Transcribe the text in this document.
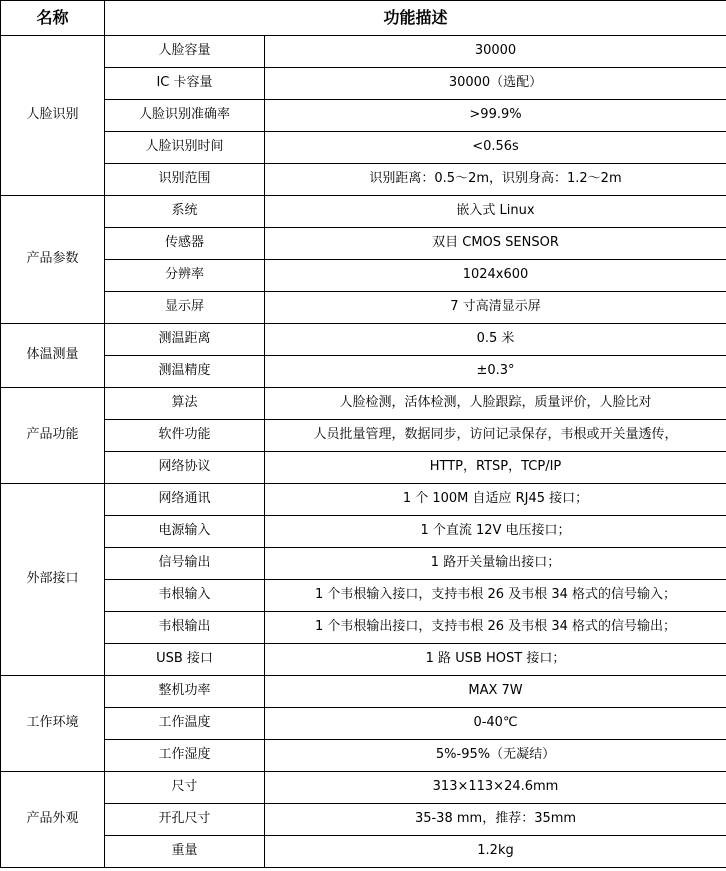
名称	功能描述	
人脸识别	人脸容量	30000
	IC 卡容量	30000（选配）
	人脸识别准确率	>99.9%
	人脸识别时间	<0.56s
	识别范围	识别距离：0.5～2m，识别身高：1.2～2m
产品参数	系统	嵌入式 Linux
	传感器	双目 CMOS SENSOR
	分辨率	1024x600
	显示屏	7 寸高清显示屏
体温测量	测温距离	0.5 米
	测温精度	±0.3°
产品功能	算法	人脸检测，活体检测，人脸跟踪，质量评价，人脸比对
	软件功能	人员批量管理，数据同步，访问记录保存，韦根或开关量透传，
	网络协议	HTTP，RTSP，TCP/IP
外部接口	网络通讯	1 个 100M 自适应 RJ45 接口；
	电源输入	1 个直流 12V 电压接口；
	信号输出	1 路开关量输出接口；
	韦根输入	1 个韦根输入接口，支持韦根 26 及韦根 34 格式的信号输入；
	韦根输出	1 个韦根输出接口，支持韦根 26 及韦根 34 格式的信号输出；
	USB 接口	1 路 USB HOST 接口；
工作环境	整机功率	MAX 7W
	工作温度	0-40℃
	工作湿度	5%-95%（无凝结）
产品外观	尺寸	313×113×24.6mm
	开孔尺寸	35-38 mm，推荐：35mm
	重量	1.2kg
